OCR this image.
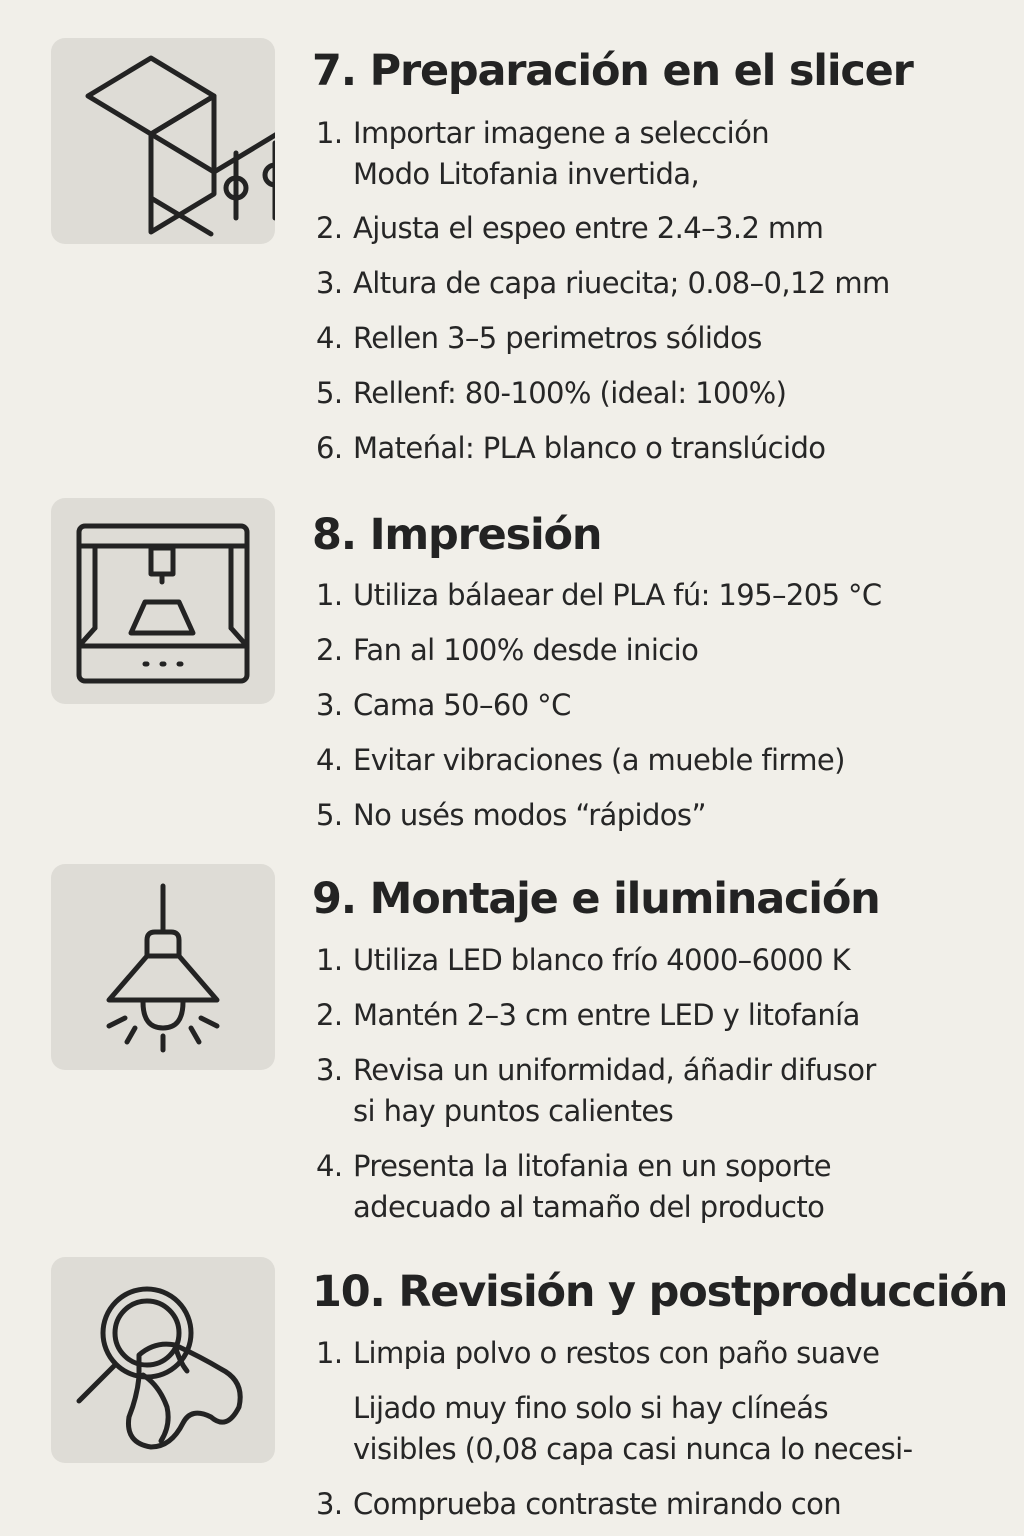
7. Preparación en el slicer
1. Importar imagene a selección
Modo Litofania invertida,
2. Ajusta el espeo entre 2.4–3.2 mm
3. Altura de capa riuecita; 0.08–0,12 mm
4. Rellen 3–5 perimetros sólidos
5. Rellenf: 80-100% (ideal: 100%)
6. Mateńal: PLA blanco o translúcido
8. Impresión
1. Utiliza bálaear del PLA fú: 195–205 °C
2. Fan al 100% desde inicio
3. Cama 50–60 °C
4. Evitar vibraciones (a mueble firme)
5. No usés modos “rápidos”
9. Montaje e iluminación
1. Utiliza LED blanco frío 4000–6000 K
2. Mantén 2–3 cm entre LED y litofanía
3. Revisa un uniformidad, áñadir difusor
si hay puntos calientes
4. Presenta la litofania en un soporte
adecuado al tamaño del producto
10. Revisión y postproducción
1. Limpia polvo o restos con paño suave
Lijado muy fino solo si hay clíneás
visibles (0,08 capa casi nunca lo necesi-
3. Comprueba contraste mirando con
